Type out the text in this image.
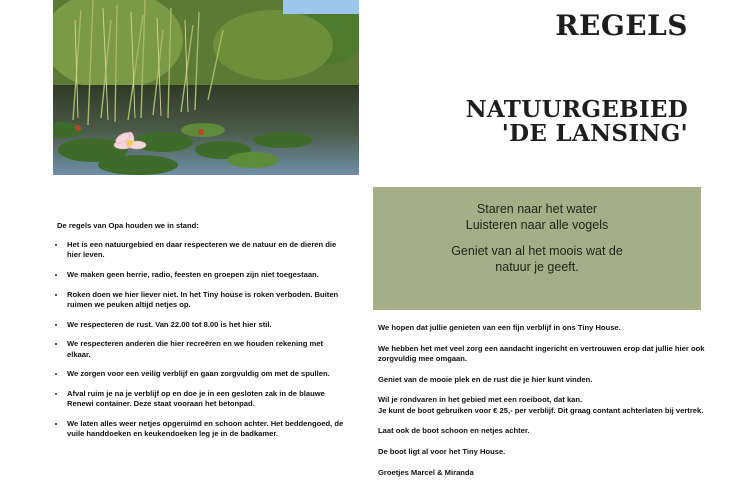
REGELS
NATUURGEBIED
'DE LANSING'
Staren naar het water
Luisteren naar alle vogels
Geniet van al het moois wat de
natuur je geeft.
De regels van Opa houden we in stand:
• Het is een natuurgebied en daar respecteren we de natuur en de dieren die hier leven.
• We maken geen herrie, radio, feesten en groepen zijn niet toegestaan.
• Roken doen we hier liever niet. In het Tiny house is roken verboden. Buiten ruimen we peuken altijd netjes op.
• We respecteren de rust. Van 22.00 tot 8.00 is het hier stil.
• We respecteren anderen die hier recreëren en we houden rekening met elkaar.
• We zorgen voor een veilig verblijf en gaan zorgvuldig om met de spullen.
• Afval ruim je na je verblijf op en doe je in een gesloten zak in de blauwe Renewi container. Deze staat vooraan het betonpad.
• We laten alles weer netjes opgeruimd en schoon achter. Het beddengoed, de vuile handdoeken en keukendoeken leg je in de badkamer.

We hopen dat jullie genieten van een fijn verblijf in ons Tiny House.

We hebben het met veel zorg een aandacht ingericht en vertrouwen erop dat jullie hier ook zorgvuldig mee omgaan.

Geniet van de mooie plek en de rust die je hier kunt vinden.

Wil je rondvaren in het gebied met een roeiboot, dat kan.
Je kunt de boot gebruiken voor € 25,- per verblijf. Dit graag contant achterlaten bij vertrek.

Laat ook de boot schoon en netjes achter.

De boot ligt al voor het Tiny House.

Groetjes Marcel & Miranda
